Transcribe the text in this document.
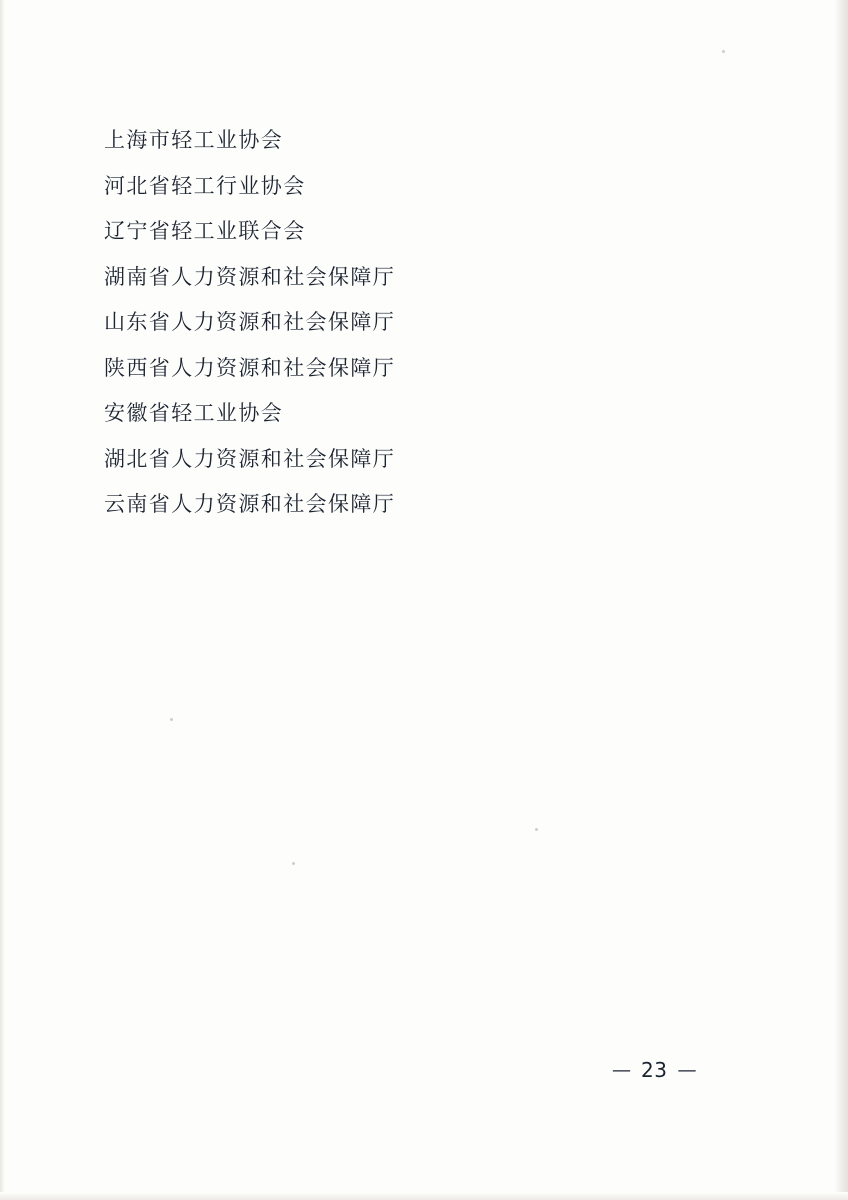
上海市轻工业协会
河北省轻工行业协会
辽宁省轻工业联合会
湖南省人力资源和社会保障厅
山东省人力资源和社会保障厅
陕西省人力资源和社会保障厅
安徽省轻工业协会
湖北省人力资源和社会保障厅
云南省人力资源和社会保障厅
— 23 —
